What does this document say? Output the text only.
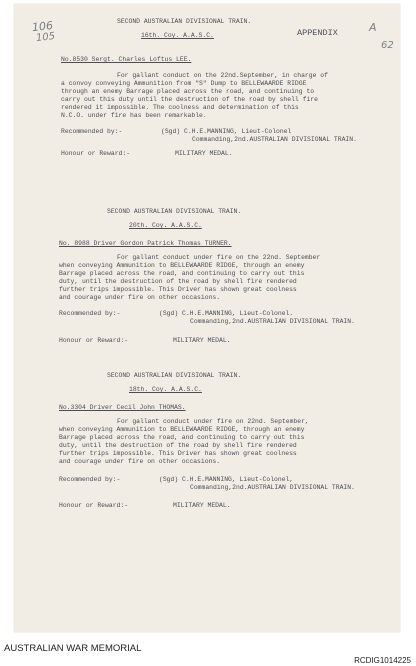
106
105	APPENDIX	A
62
SECOND AUSTRALIAN DIVISIONAL TRAIN.
16th. Coy. A.A.S.C.
No.8530 Sergt. Charles Loftus LEE.
For gallant conduct on the 22nd.September, in charge of
a convoy conveying Ammunition from "S" Dump to BELLEWAARDE RIDGE
through an enemy Barrage placed across the road, and continuing to
carry out this duty until the destruction of the road by shell fire
rendered it impossible. The coolness and determination of this
N.C.O. under fire has been remarkable.
Recommended by:-	(Sgd) C.H.E.MANNING, Lieut-Colonel
Commanding,2nd.AUSTRALIAN DIVISIONAL TRAIN.
Honour or Reward:-	MILITARY MEDAL.
SECOND AUSTRALIAN DIVISIONAL TRAIN.
20th. Coy. A.A.S.C.
No. 8988 Driver Gordon Patrick Thomas TURNER.
For gallant conduct under fire on the 22nd. September
when conveying Ammunition to BELLEWAARDE RIDGE, through an enemy
Barrage placed across the road, and continuing to carry out this
duty, until the destruction of the road by shell fire rendered
further trips impossible. This Driver has shown great coolness
and courage under fire on other occasions.
Recommended by:-	(Sgd) C.H.E.MANNING, Lieut-Colonel.
Commanding,2nd.AUSTRALIAN DIVISIONAL TRAIN.
Honour or Reward:-	MILITARY MEDAL.
SECOND AUSTRALIAN DIVISIONAL TRAIN.
18th. Coy. A.A.S.C.
No.3304 Driver Cecil John THOMAS.
For gallant conduct under fire on 22nd. September,
when conveying Ammunition to BELLEWAARDE RIDGE, through an enemy
Barrage placed across the road, and continuing to carry out this
duty, until the destruction of the road by shell fire rendered
further trips impossible. This Driver has shown great coolness
and courage under fire on other occasions.
Recommended by:-	(Sgd) C.H.E.MANNING, Lieut-Colonel,
Commanding,2nd.AUSTRALIAN DIVISIONAL TRAIN.
Honour or Reward:-	MILITARY MEDAL.
AUSTRALIAN WAR MEMORIAL
RCDIG1014225
